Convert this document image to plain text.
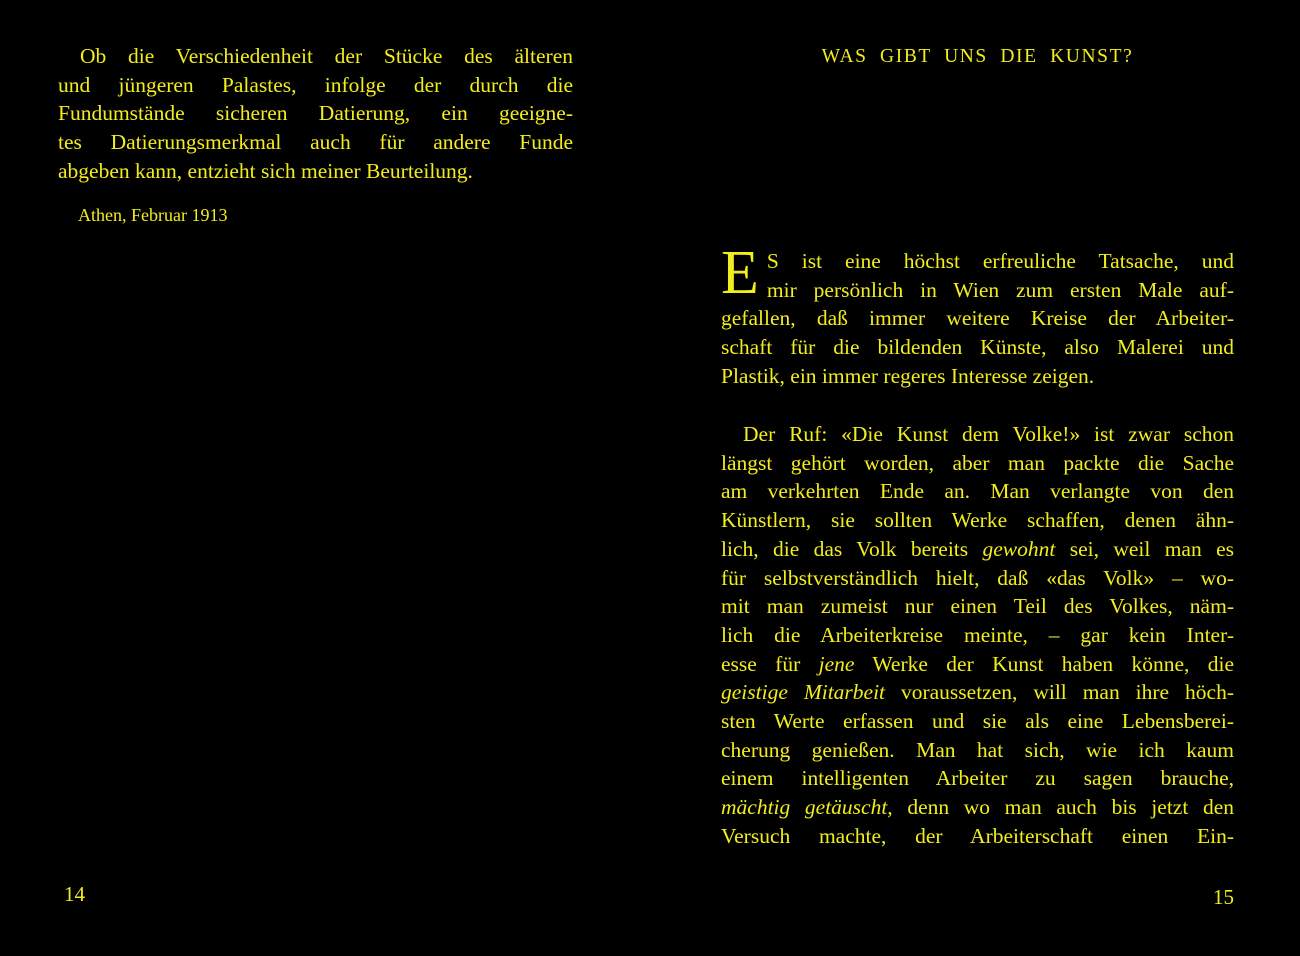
Ob die Verschiedenheit der Stücke des älteren
und jüngeren Palastes, infolge der durch die
Fundumstände sicheren Datierung, ein geeigne-
tes Datierungsmerkmal auch für andere Funde
abgeben kann, entzieht sich meiner Beurteilung.

Athen, Februar 1913
14
WAS GIBT UNS DIE KUNST?
E S ist eine höchst erfreuliche Tatsache, und
mir persönlich in Wien zum ersten Male auf-
gefallen, daß immer weitere Kreise der Arbeiter-
schaft für die bildenden Künste, also Malerei und
Plastik, ein immer regeres Interesse zeigen.
Der Ruf: «Die Kunst dem Volke!» ist zwar schon
längst gehört worden, aber man packte die Sache
am verkehrten Ende an. Man verlangte von den
Künstlern, sie sollten Werke schaffen, denen ähn-
lich, die das Volk bereits gewohnt sei, weil man es
für selbstverständlich hielt, daß «das Volk» – wo-
mit man zumeist nur einen Teil des Volkes, näm-
lich die Arbeiterkreise meinte, – gar kein Inter-
esse für jene Werke der Kunst haben könne, die
geistige Mitarbeit voraussetzen, will man ihre höch-
sten Werte erfassen und sie als eine Lebensberei-
cherung genießen. Man hat sich, wie ich kaum
einem intelligenten Arbeiter zu sagen brauche,
mächtig getäuscht, denn wo man auch bis jetzt den
Versuch machte, der Arbeiterschaft einen Ein-
15
